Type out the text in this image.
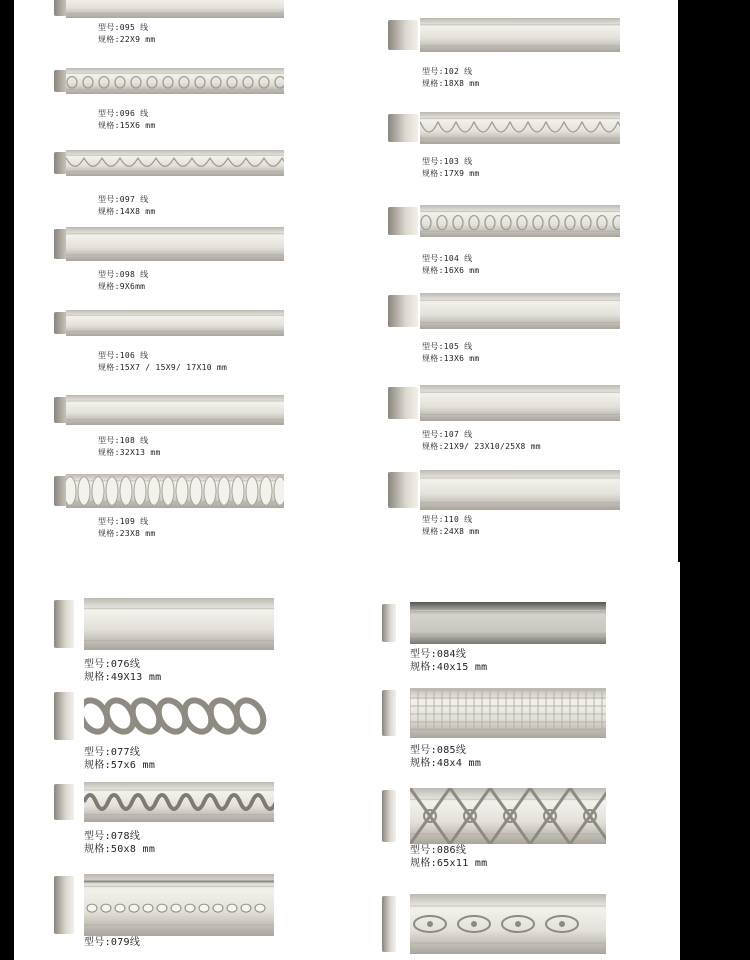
型号:095 线
规格:22X9 mm
型号:096 线
规格:15X6 mm
型号:097 线
规格:14X8 mm
型号:098 线
规格:9X6mm
型号:106 线
规格:15X7 / 15X9/ 17X10 mm
型号:108 线
规格:32X13 mm
型号:109 线
规格:23X8 mm
型号:102 线
规格:18X8 mm
型号:103 线
规格:17X9 mm
型号:104 线
规格:16X6 mm
型号:105 线
规格:13X6 mm
型号:107 线
规格:21X9/ 23X10/25X8 mm
型号:110 线
规格:24X8 mm
型号:076线
规格:49X13 mm
型号:077线
规格:57x6 mm
型号:078线
规格:50x8 mm
型号:079线
型号:084线
规格:40x15 mm
型号:085线
规格:48x4 mm
型号:086线
规格:65x11 mm
